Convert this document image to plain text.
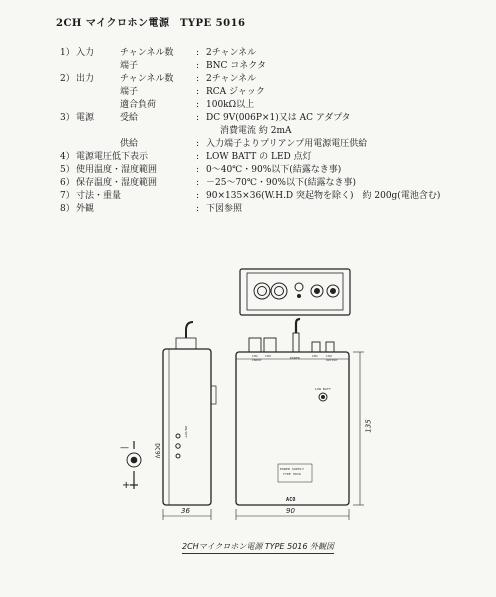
2CH マイクロホン電源　TYPE 5016
1） 入力	チャンネル数	: 2チャンネル
端子	: BNC コネクタ
2） 出力	チャンネル数	: 2チャンネル
端子	: RCA ジャック
適合負荷	: 100kΩ以上
3） 電源	受給	: DC 9V(006P×1)又は AC アダプタ
消費電流 約 2mA
供給	: 入力端子よりプリアンプ用電源電圧供給
4） 電源電圧低下表示	: LOW BATT の LED 点灯
5） 使用温度・湿度範囲	: 0～40℃・90%以下(結露なき事)
6） 保存温度・湿度範囲	: －25～70℃・90%以下(結露なき事)
7） 寸法・重量	: 90×135×36(W.H.D 突起物を除く)　約 200g(電池含む)
8） 外観	: 下図参照
CH1
INPUT
CH2	POWER	CH1	CH2
OUTPUT
LOW BATT
POWER SUPPLY
TYPE 5016
ACO
DC9V
ON/OFF
—
+
36	90
135
2CHマイクロホン電源 TYPE 5016 外観図
